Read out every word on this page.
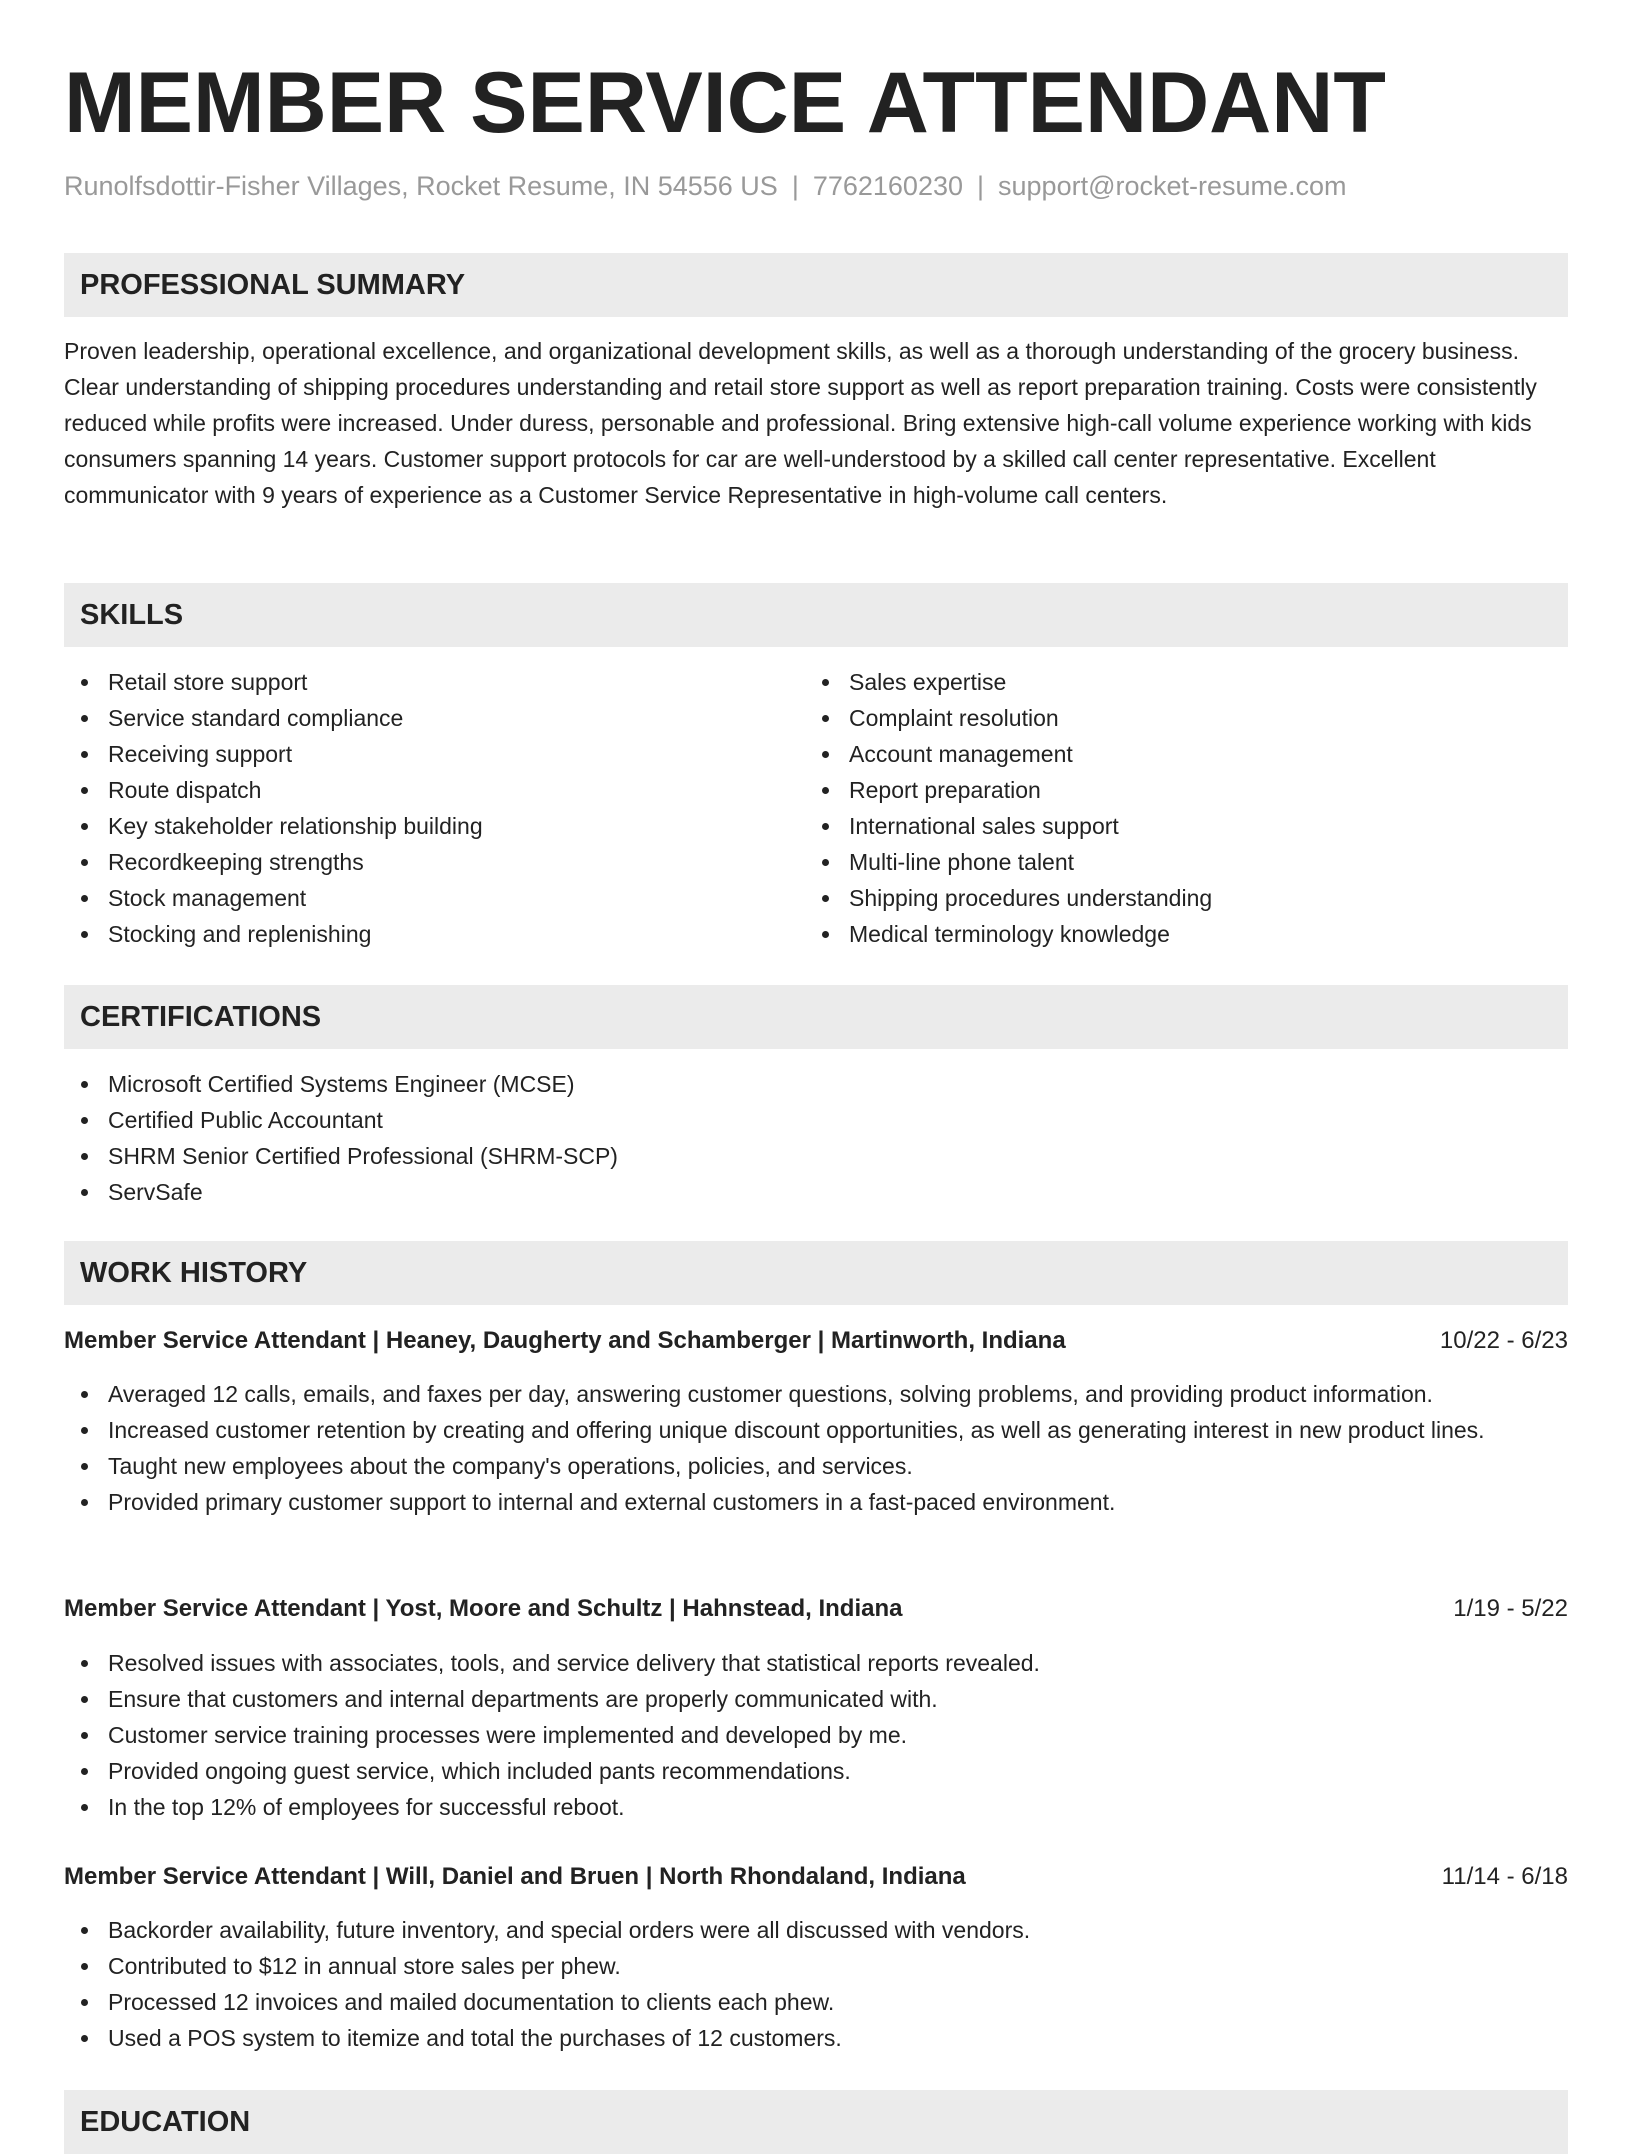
MEMBER SERVICE ATTENDANT
Runolfsdottir-Fisher Villages, Rocket Resume, IN 54556 US | 7762160230 | support@rocket-resume.com
PROFESSIONAL SUMMARY

Proven leadership, operational excellence, and organizational development skills, as well as a thorough understanding of the grocery business. Clear understanding of shipping procedures understanding and retail store support as well as report preparation training. Costs were consistently reduced while profits were increased. Under duress, personable and professional. Bring extensive high-call volume experience working with kids consumers spanning 14 years. Customer support protocols for car are well-understood by a skilled call center representative. Excellent communicator with 9 years of experience as a Customer Service Representative in high-volume call centers.

SKILLS
Retail store support
Service standard compliance
Receiving support
Route dispatch
Key stakeholder relationship building
Recordkeeping strengths
Stock management
Stocking and replenishing
Sales expertise
Complaint resolution
Account management
Report preparation
International sales support
Multi-line phone talent
Shipping procedures understanding
Medical terminology knowledge
CERTIFICATIONS
Microsoft Certified Systems Engineer (MCSE)
Certified Public Accountant
SHRM Senior Certified Professional (SHRM-SCP)
ServSafe
WORK HISTORY
Member Service Attendant | Heaney, Daugherty and Schamberger | Martinworth, Indiana	10/22 - 6/23
Averaged 12 calls, emails, and faxes per day, answering customer questions, solving problems, and providing product information.
Increased customer retention by creating and offering unique discount opportunities, as well as generating interest in new product lines.
Taught new employees about the company's operations, policies, and services.
Provided primary customer support to internal and external customers in a fast-paced environment.
Member Service Attendant | Yost, Moore and Schultz | Hahnstead, Indiana	1/19 - 5/22
Resolved issues with associates, tools, and service delivery that statistical reports revealed.
Ensure that customers and internal departments are properly communicated with.
Customer service training processes were implemented and developed by me.
Provided ongoing guest service, which included pants recommendations.
In the top 12% of employees for successful reboot.
Member Service Attendant | Will, Daniel and Bruen | North Rhondaland, Indiana	11/14 - 6/18
Backorder availability, future inventory, and special orders were all discussed with vendors.
Contributed to $12 in annual store sales per phew.
Processed 12 invoices and mailed documentation to clients each phew.
Used a POS system to itemize and total the purchases of 12 customers.
EDUCATION
